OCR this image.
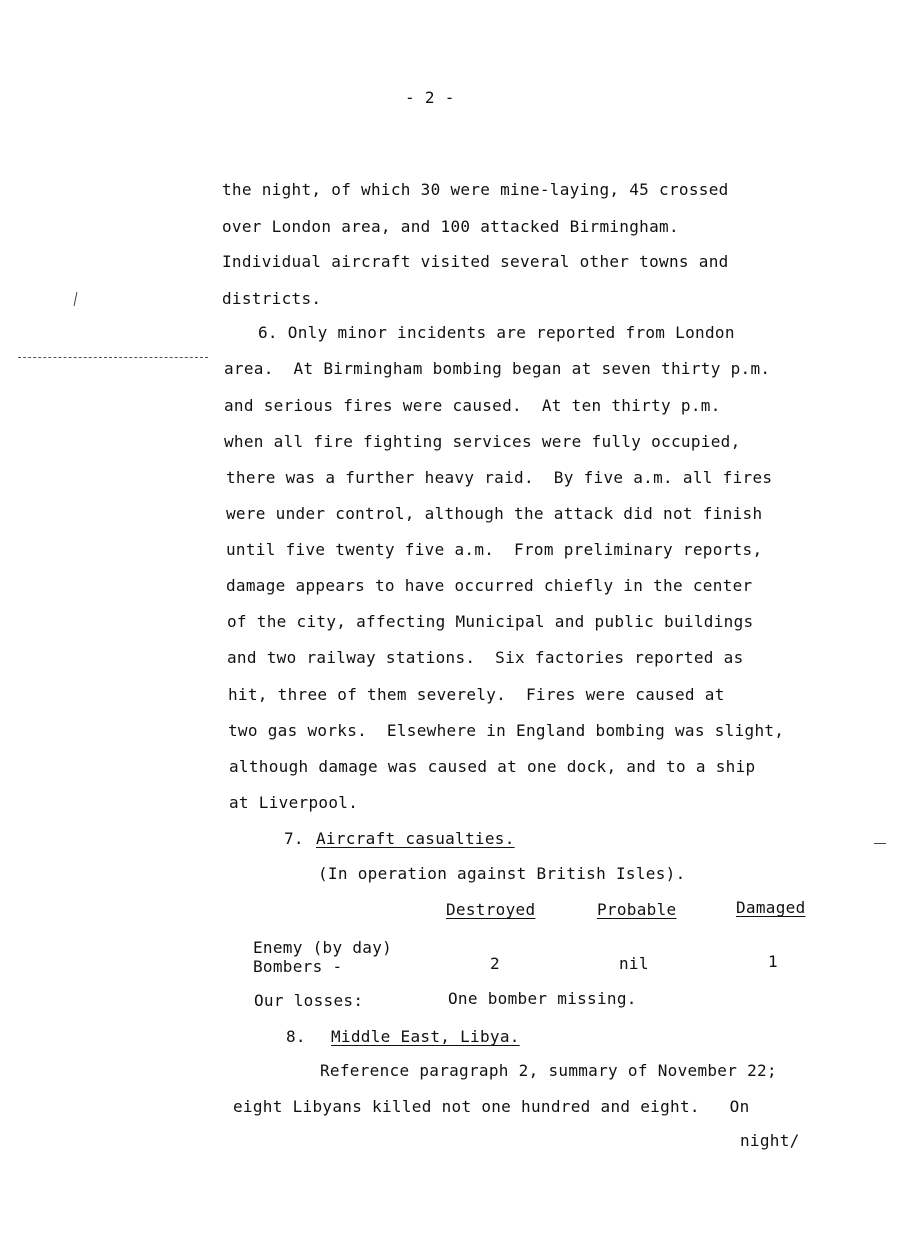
- 2 -
the night, of which 30 were mine-laying, 45 crossed
over London area, and 100 attacked Birmingham.
Individual aircraft visited several other towns and
districts.
6. Only minor incidents are reported from London
area.  At Birmingham bombing began at seven thirty p.m.
and serious fires were caused.  At ten thirty p.m.
when all fire fighting services were fully occupied,
there was a further heavy raid.  By five a.m. all fires
were under control, although the attack did not finish
until five twenty five a.m.  From preliminary reports,
damage appears to have occurred chiefly in the center
of the city, affecting Municipal and public buildings
and two railway stations.  Six factories reported as
hit, three of them severely.  Fires were caused at
two gas works.  Elsewhere in England bombing was slight,
although damage was caused at one dock, and to a ship
at Liverpool.
7. Aircraft casualties.
(In operation against British Isles).
Destroyed	Probable	Damaged
Enemy (by day)
Bombers -	2	nil	1
Our losses:	One bomber missing.
8. Middle East, Libya.
Reference paragraph 2, summary of November 22;
eight Libyans killed not one hundred and eight.   On
night/
